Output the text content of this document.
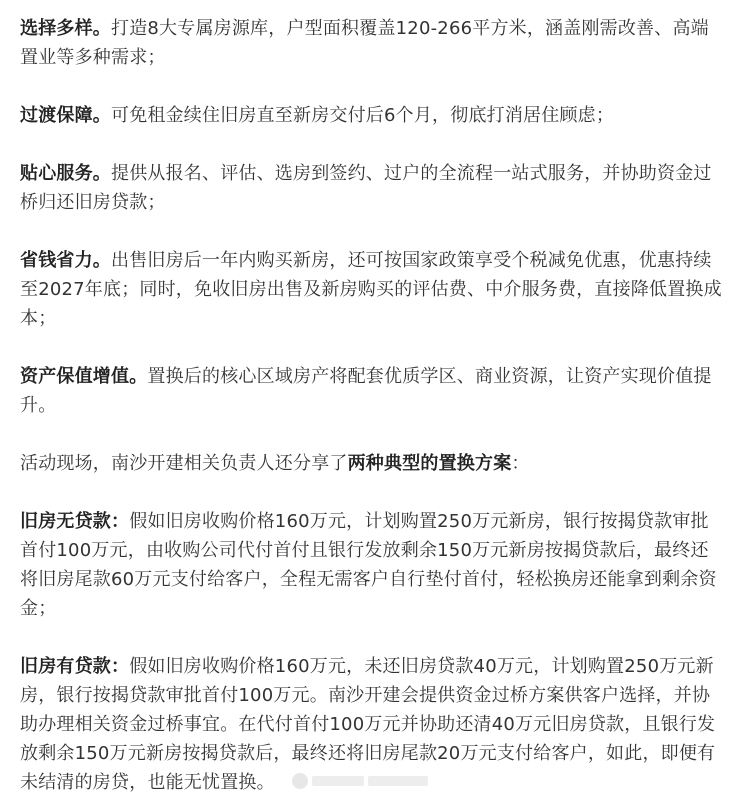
选择多样。打造8大专属房源库，户型面积覆盖120-266平方米，涵盖刚需改善、高端置业等多种需求；

过渡保障。可免租金续住旧房直至新房交付后6个月，彻底打消居住顾虑；

贴心服务。提供从报名、评估、选房到签约、过户的全流程一站式服务，并协助资金过桥归还旧房贷款；

省钱省力。出售旧房后一年内购买新房，还可按国家政策享受个税减免优惠，优惠持续至2027年底；同时，免收旧房出售及新房购买的评估费、中介服务费，直接降低置换成本；

资产保值增值。置换后的核心区域房产将配套优质学区、商业资源，让资产实现价值提升。

活动现场，南沙开建相关负责人还分享了两种典型的置换方案：

旧房无贷款：假如旧房收购价格160万元，计划购置250万元新房，银行按揭贷款审批首付100万元，由收购公司代付首付且银行发放剩余150万元新房按揭贷款后，最终还将旧房尾款60万元支付给客户，全程无需客户自行垫付首付，轻松换房还能拿到剩余资金；

旧房有贷款：假如旧房收购价格160万元，未还旧房贷款40万元，计划购置250万元新房，银行按揭贷款审批首付100万元。南沙开建会提供资金过桥方案供客户选择，并协助办理相关资金过桥事宜。在代付首付100万元并协助还清40万元旧房贷款，且银行发放剩余150万元新房按揭贷款后，最终还将旧房尾款20万元支付给客户，如此，即便有未结清的房贷，也能无忧置换。
